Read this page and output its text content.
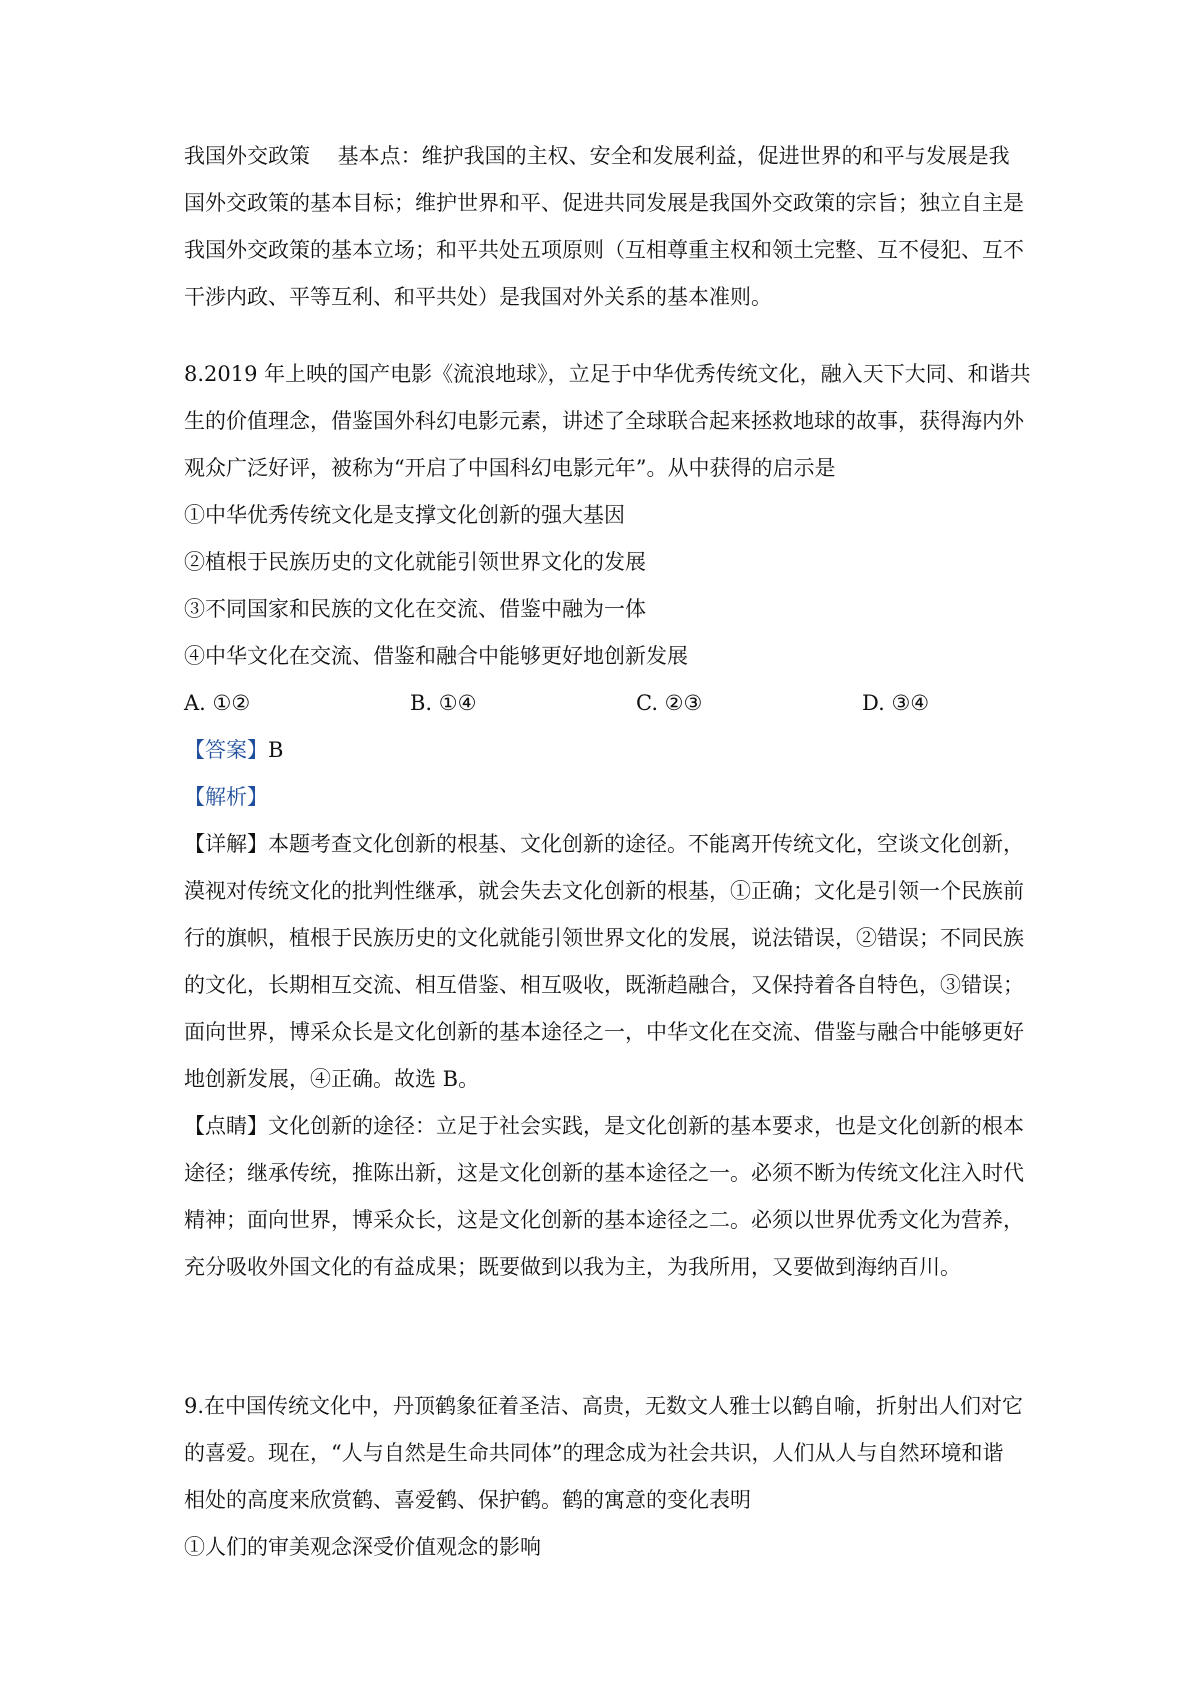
我国外交政策　 基本点：维护我国的主权、安全和发展利益，促进世界的和平与发展是我
国外交政策的基本目标；维护世界和平、促进共同发展是我国外交政策的宗旨；独立自主是
我国外交政策的基本立场；和平共处五项原则（互相尊重主权和领土完整、互不侵犯、互不
干涉内政、平等互利、和平共处）是我国对外关系的基本准则。
8.2019 年上映的国产电影《流浪地球》，立足于中华优秀传统文化，融入天下大同、和谐共
生的价值理念，借鉴国外科幻电影元素，讲述了全球联合起来拯救地球的故事，获得海内外
观众广泛好评，被称为“开启了中国科幻电影元年”。从中获得的启示是
①中华优秀传统文化是支撑文化创新的强大基因
②植根于民族历史的文化就能引领世界文化的发展
③不同国家和民族的文化在交流、借鉴中融为一体
④中华文化在交流、借鉴和融合中能够更好地创新发展
A. ①②	B. ①④	C. ②③	D. ③④
【答案】B
【解析】
【详解】本题考查文化创新的根基、文化创新的途径。不能离开传统文化，空谈文化创新，
漠视对传统文化的批判性继承，就会失去文化创新的根基，①正确；文化是引领一个民族前
行的旗帜，植根于民族历史的文化就能引领世界文化的发展，说法错误，②错误；不同民族
的文化，长期相互交流、相互借鉴、相互吸收，既渐趋融合，又保持着各自特色，③错误；
面向世界，博采众长是文化创新的基本途径之一，中华文化在交流、借鉴与融合中能够更好
地创新发展，④正确。故选 B。
【点睛】文化创新的途径：立足于社会实践，是文化创新的基本要求，也是文化创新的根本
途径；继承传统，推陈出新，这是文化创新的基本途径之一。必须不断为传统文化注入时代
精神；面向世界，博采众长，这是文化创新的基本途径之二。必须以世界优秀文化为营养，
充分吸收外国文化的有益成果；既要做到以我为主，为我所用，又要做到海纳百川。
9.在中国传统文化中，丹顶鹤象征着圣洁、高贵，无数文人雅士以鹤自喻，折射出人们对它
的喜爱。现在，“人与自然是生命共同体”的理念成为社会共识，人们从人与自然环境和谐
相处的高度来欣赏鹤、喜爱鹤、保护鹤。鹤的寓意的变化表明
①人们的审美观念深受价值观念的影响
